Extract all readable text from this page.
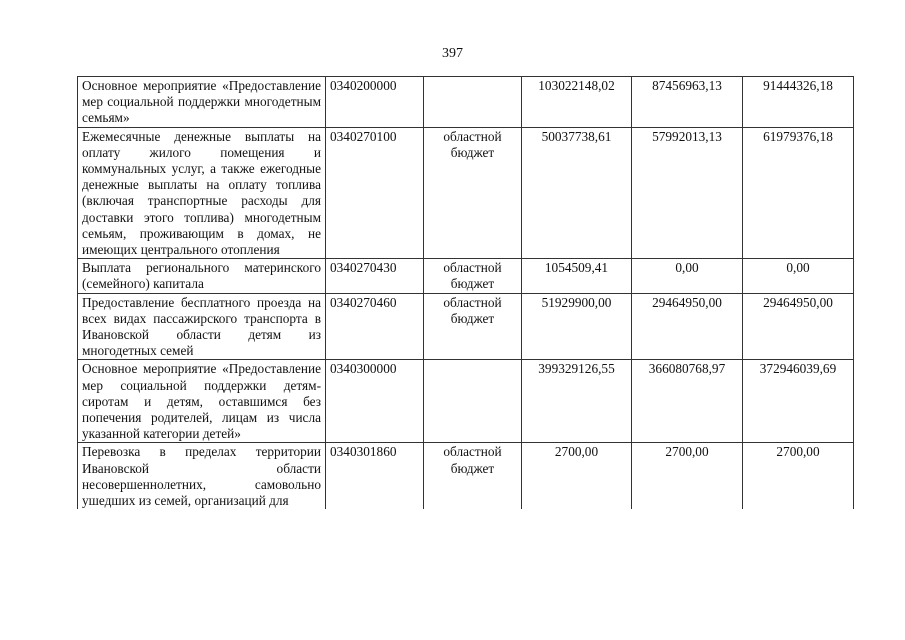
397
Основное мероприятие «Предоставление мер социальной поддержки многодетным семьям»	0340200000		103022148,02	87456963,13	91444326,18
Ежемесячные денежные выплаты на оплату жилого помещения и коммунальных услуг, а также ежегодные денежные выплаты на оплату топлива (включая транспортные расходы для доставки этого топлива) многодетным семьям, проживающим в домах, не имеющих центрального отопления	0340270100	областной бюджет	50037738,61	57992013,13	61979376,18
Выплата регионального материнского (семейного) капитала	0340270430	областной бюджет	1054509,41	0,00	0,00
Предоставление бесплатного проезда на всех видах пассажирского транспорта в Ивановской области детям из многодетных семей	0340270460	областной бюджет	51929900,00	29464950,00	29464950,00
Основное мероприятие «Предоставление мер социальной поддержки детям-сиротам и детям, оставшимся без попечения родителей, лицам из числа указанной категории детей»	0340300000		399329126,55	366080768,97	372946039,69
Перевозка в пределах территории Ивановской области несовершеннолетних, самовольно ушедших из семей, организаций для	0340301860	областной бюджет	2700,00	2700,00	2700,00
